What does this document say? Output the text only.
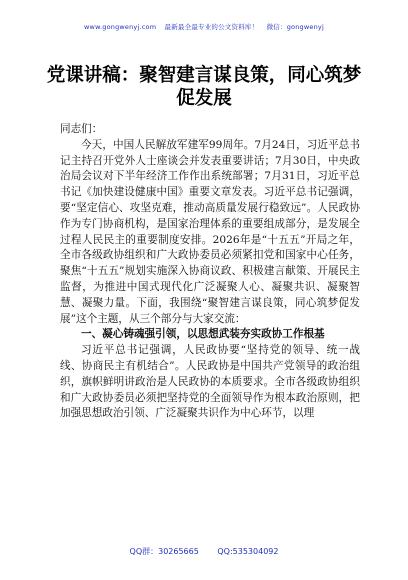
www.gongwenyj.com 最新最全最专业的公文资料库！ 微信：gongwenyj
党课讲稿：聚智建言谋良策，同心筑梦促发展

同志们：

今天，中国人民解放军建军99周年。7月24日，习近平总书记主持召开党外人士座谈会并发表重要讲话；7月30日，中央政治局会议对下半年经济工作作出系统部署；7月31日，习近平总书记《加快建设健康中国》重要文章发表。习近平总书记强调，要“坚定信心、攻坚克难，推动高质量发展行稳致远”。人民政协作为专门协商机构，是国家治理体系的重要组成部分，是发展全过程人民民主的重要制度安排。2026年是“十五五”开局之年，全市各级政协组织和广大政协委员必须紧扣党和国家中心任务，聚焦“十五五”规划实施深入协商议政、积极建言献策、开展民主监督，为推进中国式现代化广泛凝聚人心、凝聚共识、凝聚智慧、凝聚力量。下面，我围绕“聚智建言谋良策，同心筑梦促发展”这个主题，从三个部分与大家交流：

一、凝心铸魂强引领，以思想武装夯实政协工作根基

习近平总书记强调，人民政协要“坚持党的领导、统一战线、协商民主有机结合”。人民政协是中国共产党领导的政治组织，旗帜鲜明讲政治是人民政协的本质要求。全市各级政协组织和广大政协委员必须把坚持党的全面领导作为根本政治原则，把加强思想政治引领、广泛凝聚共识作为中心环节，以理

QQ群：30265665 QQ:535304092
